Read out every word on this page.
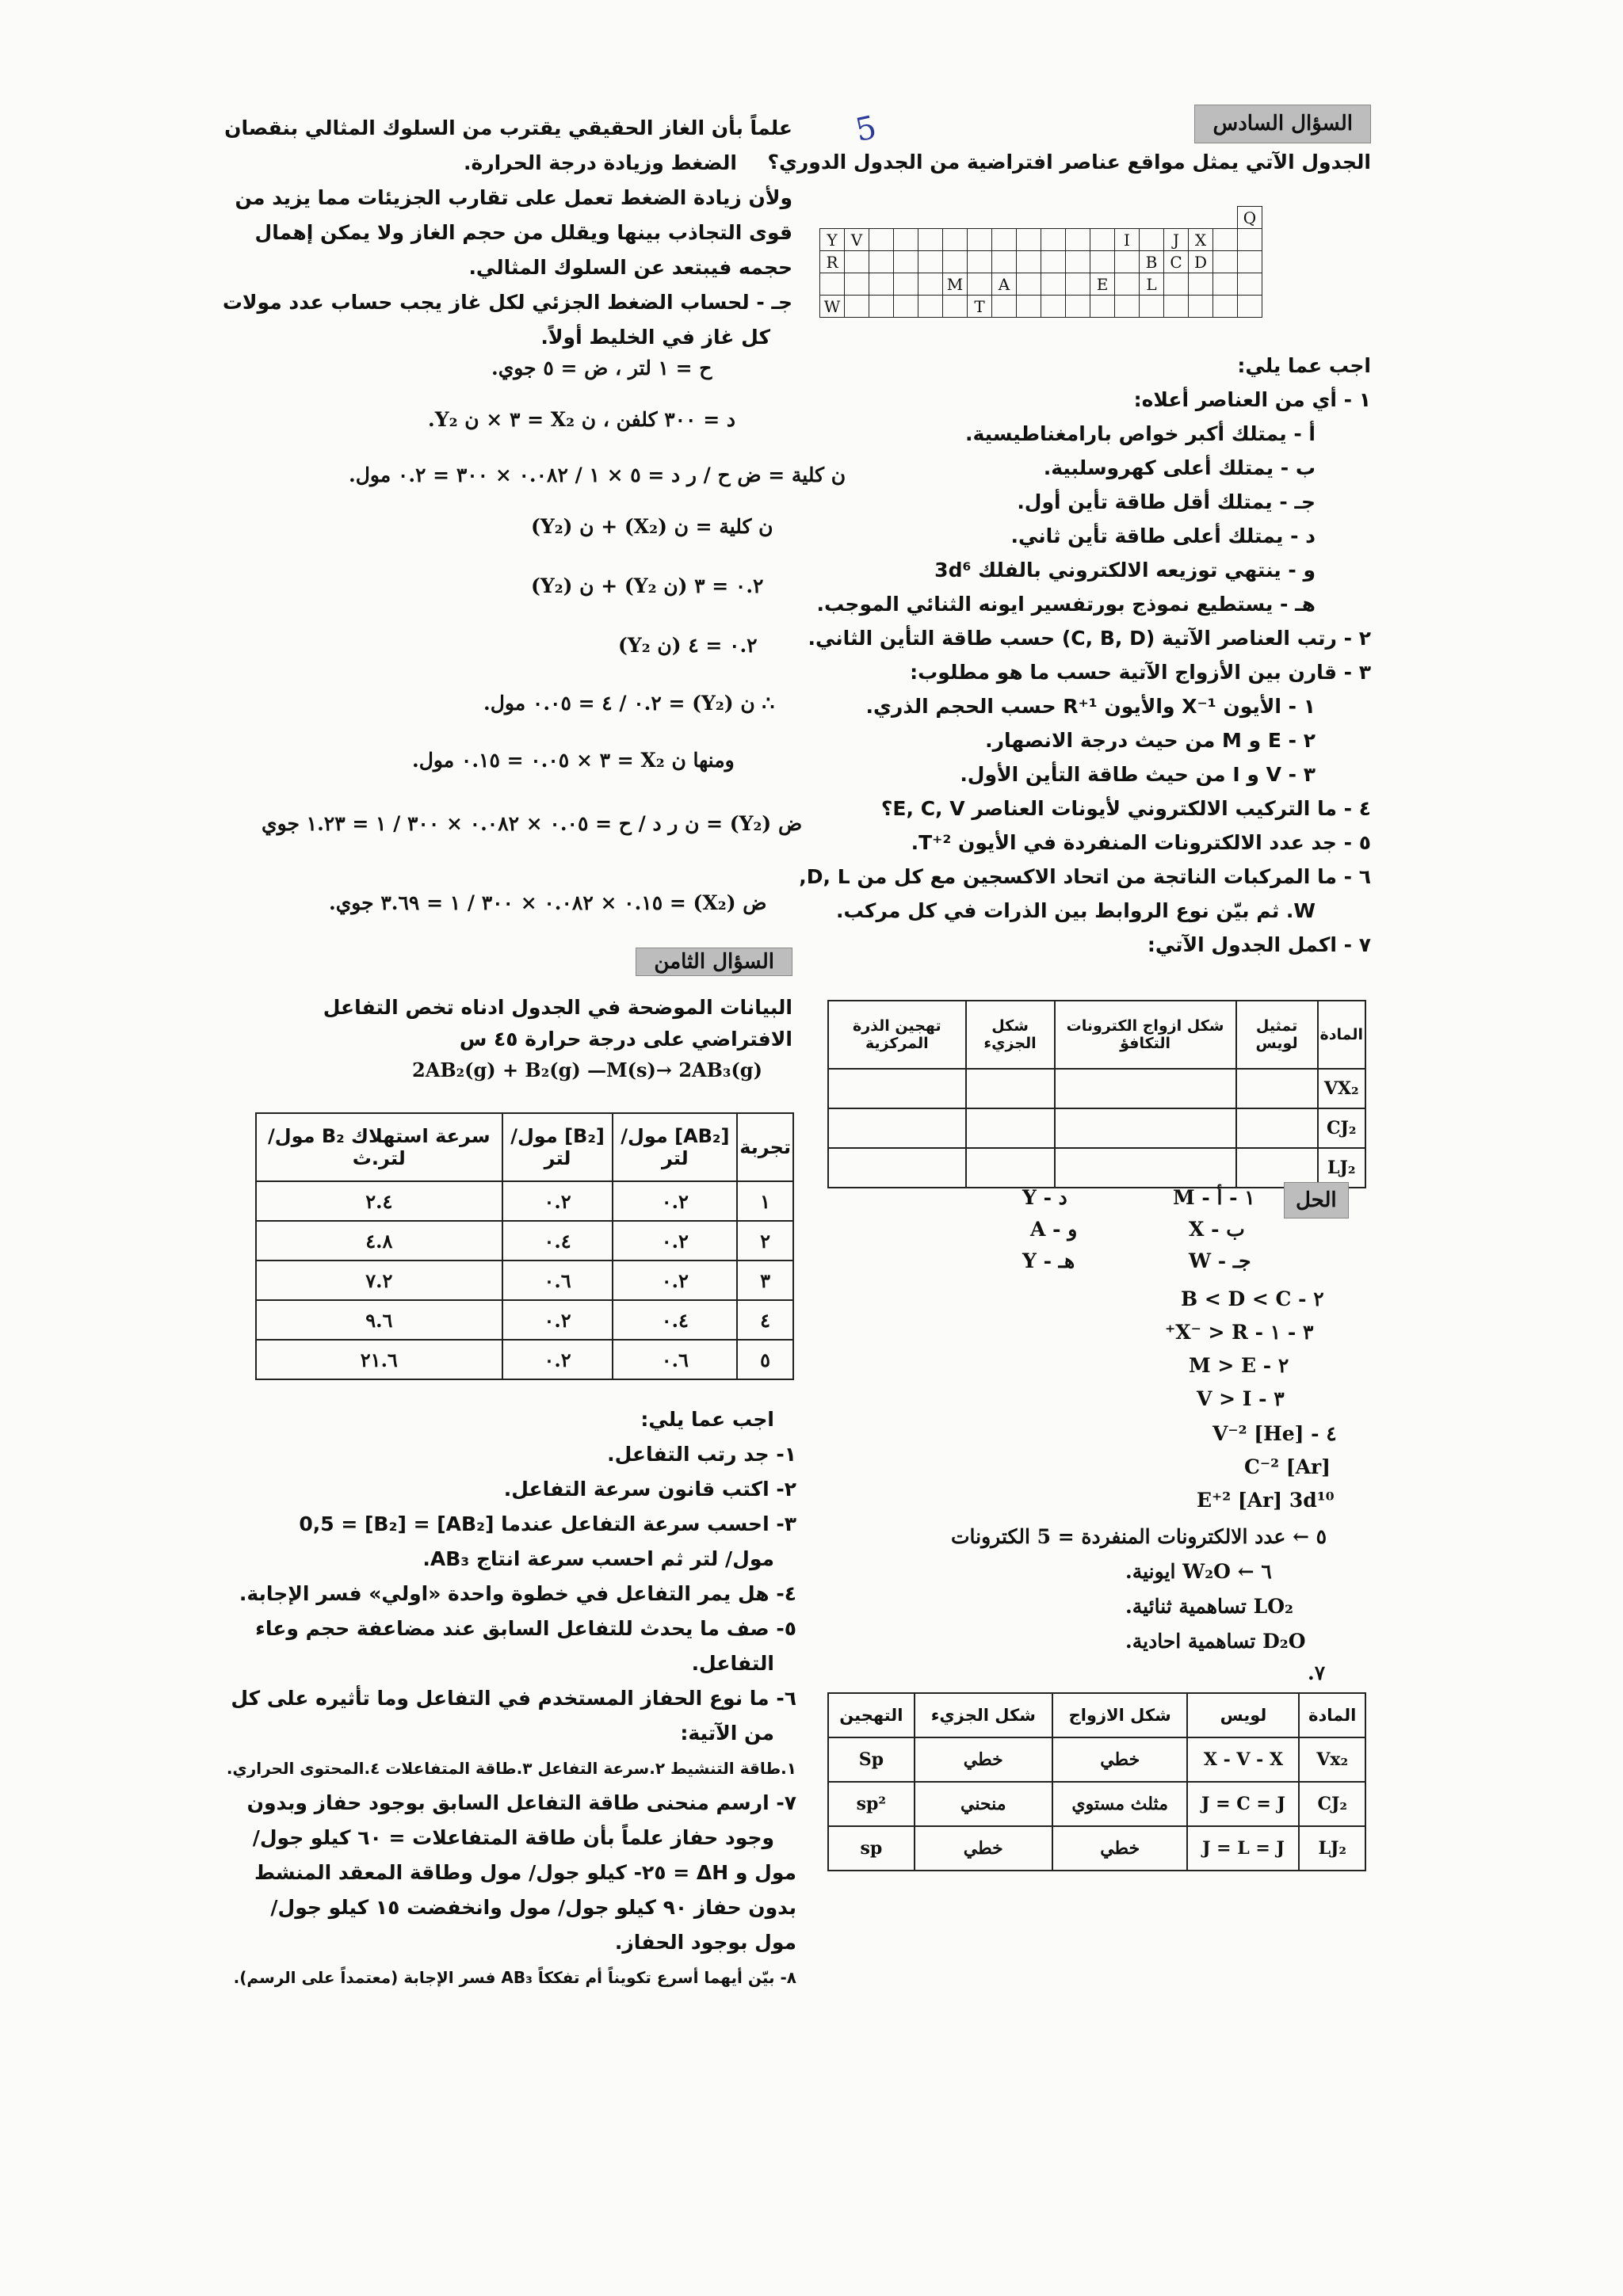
5	السؤال السادس
الجدول الآتي يمثل مواقع عناصر افتراضية من الجدول الدوري؟
																	Q
Y	V											I		J	X		
R													B	C	D		
					M		A				E		L				
W						T											
اجب عما يلي:
١ - أي من العناصر أعلاه:
أ - يمتلك أكبر خواص بارامغناطيسية.
ب - يمتلك أعلى كهروسلبية.
جـ - يمتلك أقل طاقة تأين أول.
د - يمتلك أعلى طاقة تأين ثاني.
و - ينتهي توزيعه الالكتروني بالفلك 3d⁶
هـ - يستطيع نموذج بورتفسير ايونه الثنائي الموجب.
٢ - رتب العناصر الآتية (C, B, D) حسب طاقة التأين الثاني.
٣ - قارن بين الأزواج الآتية حسب ما هو مطلوب:
١ - الأيون X⁻¹ والأيون R⁺¹ حسب الحجم الذري.
٢ - E و M من حيث درجة الانصهار.
٣ - V و I من حيث طاقة التأين الأول.
٤ - ما التركيب الالكتروني لأيونات العناصر E, C, V؟
٥ - جد عدد الالكترونات المنفردة في الأيون T⁺².
٦ - ما المركبات الناتجة من اتحاد الاكسجين مع كل من D, L,
W. ثم بيّن نوع الروابط بين الذرات في كل مركب.
٧ - اكمل الجدول الآتي:
المادة	تمثيل لويس	شكل ازواج الكترونات التكافؤ	شكل الجزيء	تهجين الذرة المركزية
VX₂				
CJ₂				
LJ₂				
الحل
١ - أ - M
د - Y
ب - X
و - A
جـ - W
هـ - Y
٢ - B < D < C
٣ - ١ - X⁻ > R⁺
٢ - M > E
٣ - V > I
٤ - V⁻² [He]
C⁻² [Ar]
E⁺² [Ar] 3d¹⁰
٥ ← عدد الالكترونات المنفردة = 5 الكترونات
٦ ← W₂O ايونية.
LO₂ تساهمية ثنائية.
D₂O تساهمية احادية.
٧.
المادة	لويس	شكل الازواج	شكل الجزيء	التهجين
Vx₂	X - V - X	خطي	خطي	Sp
CJ₂	J = C = J	مثلث مستوي	منحني	sp²
LJ₂	J = L = J	خطي	خطي	sp
علماً بأن الغاز الحقيقي يقترب من السلوك المثالي بنقصان
الضغط وزيادة درجة الحرارة.
ولأن زيادة الضغط تعمل على تقارب الجزيئات مما يزيد من
قوى التجاذب بينها ويقلل من حجم الغاز ولا يمكن إهمال
حجمه فيبتعد عن السلوك المثالي.
جـ - لحساب الضغط الجزئي لكل غاز يجب حساب عدد مولات
كل غاز في الخليط أولاً.
ح = ١ لتر ، ض = ٥ جوي.
د = ٣٠٠ كلفن ، ن X₂ = ٣ × ن Y₂.
ن كلية = ض ح / ر د = ٥ × ١ / ٠.٠٨٢ × ٣٠٠ = ٠.٢ مول.
ن كلية = ن (X₂) + ن (Y₂)
٠.٢ = ٣ (ن Y₂) + ن (Y₂)
٠.٢ = ٤ (ن Y₂)
∴ ن (Y₂) = ٠.٢ / ٤ = ٠.٠٥ مول.
ومنها ن X₂ = ٣ × ٠.٠٥ = ٠.١٥ مول.
ض (Y₂) = ن ر د / ح = ٠.٠٥ × ٠.٠٨٢ × ٣٠٠ / ١ = ١.٢٣ جوي
ض (X₂) = ٠.١٥ × ٠.٠٨٢ × ٣٠٠ / ١ = ٣.٦٩ جوي.
السؤال الثامن
البيانات الموضحة في الجدول ادناه تخص التفاعل
الافتراضي على درجة حرارة ٤٥ س
2AB₂(g) + B₂(g) —M(s)→ 2AB₃(g)
تجربة	[AB₂] مول/لتر	[B₂] مول/لتر	سرعة استهلاك B₂ مول/ لتر.ث
١	٠.٢	٠.٢	٢.٤
٢	٠.٢	٠.٤	٤.٨
٣	٠.٢	٠.٦	٧.٢
٤	٠.٤	٠.٢	٩.٦
٥	٠.٦	٠.٢	٢١.٦
اجب عما يلي:
١- جد رتب التفاعل.
٢- اكتب قانون سرعة التفاعل.
٣- احسب سرعة التفاعل عندما [AB₂] = [B₂] = 0,5
مول/ لتر ثم احسب سرعة انتاج AB₃.
٤- هل يمر التفاعل في خطوة واحدة «اولي» فسر الإجابة.
٥- صف ما يحدث للتفاعل السابق عند مضاعفة حجم وعاء
التفاعل.
٦- ما نوع الحفاز المستخدم في التفاعل وما تأثيره على كل
من الآتية:
١.طاقة التنشيط ٢.سرعة التفاعل ٣.طاقة المتفاعلات ٤.المحتوى الحراري.
٧- ارسم منحنى طاقة التفاعل السابق بوجود حفاز وبدون
وجود حفاز علماً بأن طاقة المتفاعلات = ٦٠ كيلو جول/
مول و ΔH = ٢٥- كيلو جول/ مول وطاقة المعقد المنشط
بدون حفاز ٩٠ كيلو جول/ مول وانخفضت ١٥ كيلو جول/
مول بوجود الحفاز.
٨- بيّن أيهما أسرع تكويناً أم تفككاً AB₃ فسر الإجابة (معتمداً على الرسم).
